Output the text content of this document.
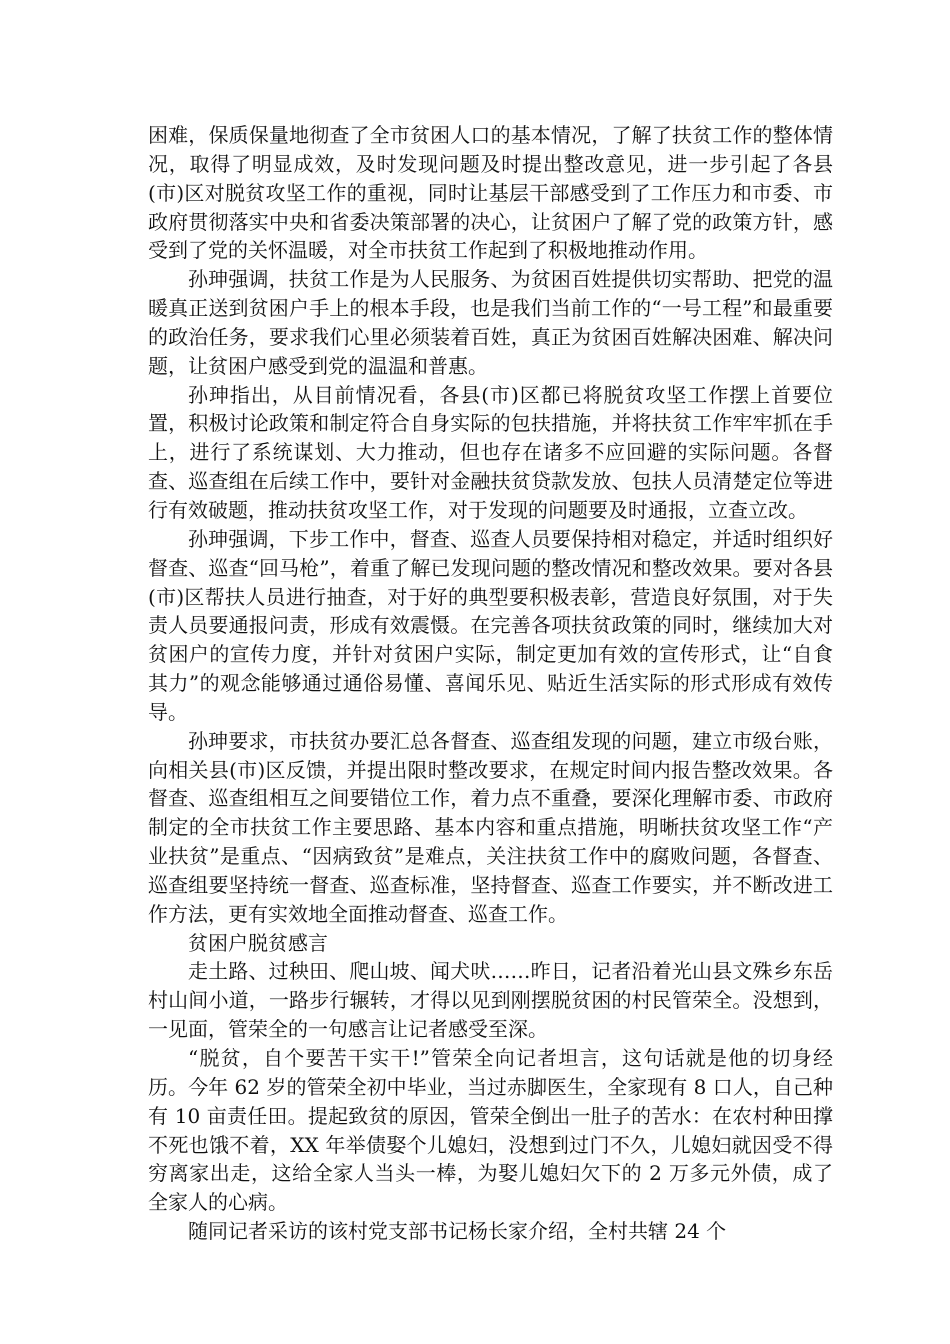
困难，保质保量地彻查了全市贫困人口的基本情况，了解了扶贫工作的整体情况，取得了明显成效，及时发现问题及时提出整改意见，进一步引起了各县(市)区对脱贫攻坚工作的重视，同时让基层干部感受到了工作压力和市委、市政府贯彻落实中央和省委决策部署的决心，让贫困户了解了党的政策方针，感受到了党的关怀温暖，对全市扶贫工作起到了积极地推动作用。

孙珅强调，扶贫工作是为人民服务、为贫困百姓提供切实帮助、把党的温暖真正送到贫困户手上的根本手段，也是我们当前工作的“一号工程”和最重要的政治任务，要求我们心里必须装着百姓，真正为贫困百姓解决困难、解决问题，让贫困户感受到党的温温和普惠。

孙珅指出，从目前情况看，各县(市)区都已将脱贫攻坚工作摆上首要位置，积极讨论政策和制定符合自身实际的包扶措施，并将扶贫工作牢牢抓在手上，进行了系统谋划、大力推动，但也存在诸多不应回避的实际问题。各督查、巡查组在后续工作中，要针对金融扶贫贷款发放、包扶人员清楚定位等进行有效破题，推动扶贫攻坚工作，对于发现的问题要及时通报，立查立改。

孙珅强调，下步工作中，督查、巡查人员要保持相对稳定，并适时组织好督查、巡查“回马枪”，着重了解已发现问题的整改情况和整改效果。要对各县(市)区帮扶人员进行抽查，对于好的典型要积极表彰，营造良好氛围，对于失责人员要通报问责，形成有效震慑。在完善各项扶贫政策的同时，继续加大对贫困户的宣传力度，并针对贫困户实际，制定更加有效的宣传形式，让“自食其力”的观念能够通过通俗易懂、喜闻乐见、贴近生活实际的形式形成有效传导。

孙珅要求，市扶贫办要汇总各督查、巡查组发现的问题，建立市级台账，向相关县(市)区反馈，并提出限时整改要求，在规定时间内报告整改效果。各督查、巡查组相互之间要错位工作，着力点不重叠，要深化理解市委、市政府制定的全市扶贫工作主要思路、基本内容和重点措施，明晰扶贫攻坚工作“产业扶贫”是重点、“因病致贫”是难点，关注扶贫工作中的腐败问题，各督查、巡查组要坚持统一督查、巡查标准，坚持督查、巡查工作要实，并不断改进工作方法，更有实效地全面推动督查、巡查工作。

贫困户脱贫感言

走土路、过秧田、爬山坡、闻犬吠……昨日，记者沿着光山县文殊乡东岳村山间小道，一路步行辗转，才得以见到刚摆脱贫困的村民管荣全。没想到，一见面，管荣全的一句感言让记者感受至深。

“脱贫，自个要苦干实干!”管荣全向记者坦言，这句话就是他的切身经历。今年 62 岁的管荣全初中毕业，当过赤脚医生，全家现有 8 口人，自己种有 10 亩责任田。提起致贫的原因，管荣全倒出一肚子的苦水：在农村种田撑不死也饿不着，XX 年举债娶个儿媳妇，没想到过门不久，儿媳妇就因受不得穷离家出走，这给全家人当头一棒，为娶儿媳妇欠下的 2 万多元外债，成了全家人的心病。

随同记者采访的该村党支部书记杨长家介绍，全村共辖 24 个
